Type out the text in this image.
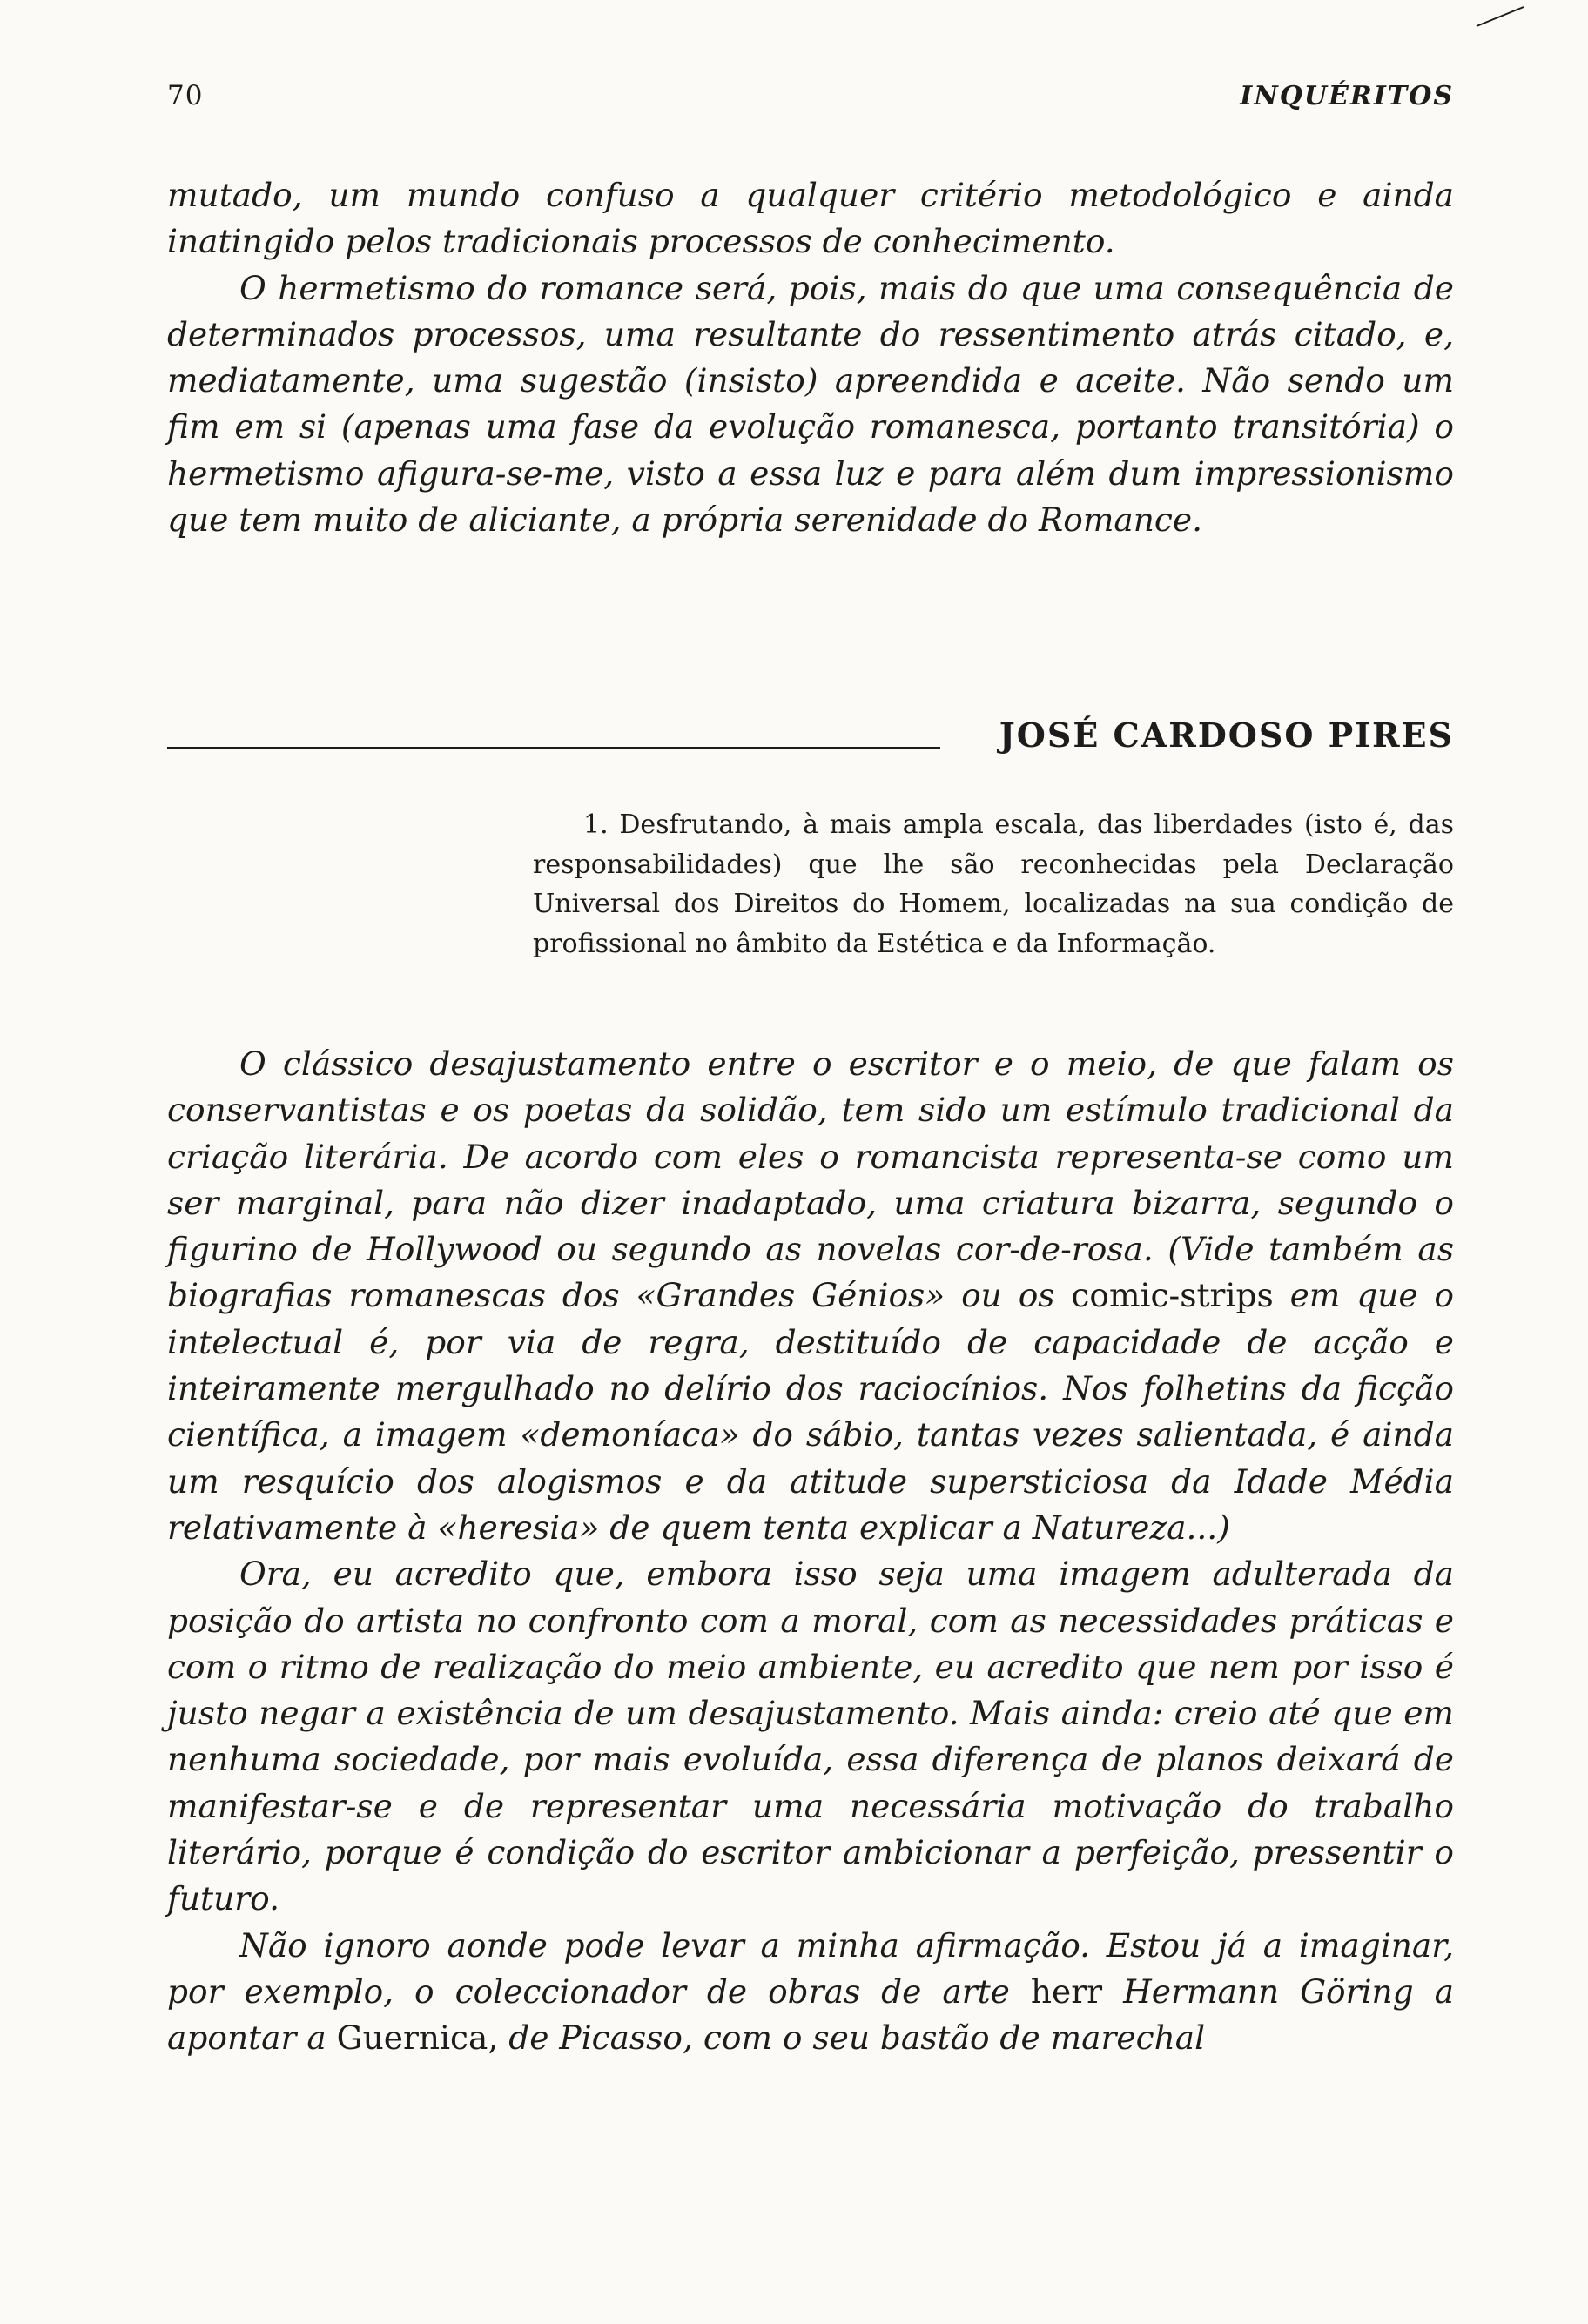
70	INQUÉRITOS

mutado, um mundo confuso a qualquer critério metodológico e ainda inatingido pelos tradicionais processos de conhecimento.

O hermetismo do romance será, pois, mais do que uma consequência de determinados processos, uma resultante do ressentimento atrás citado, e, mediatamente, uma sugestão (insisto) apreendida e aceite. Não sendo um fim em si (apenas uma fase da evolução romanesca, portanto transitória) o hermetismo afigura-se-me, visto a essa luz e para além dum impressionismo que tem muito de aliciante, a própria serenidade do Romance.

JOSÉ CARDOSO PIRES

1. Desfrutando, à mais ampla escala, das liberdades (isto é, das responsabilidades) que lhe são reconhecidas pela Declaração Universal dos Direitos do Homem, localizadas na sua condição de profissional no âmbito da Estética e da Informação.

O clássico desajustamento entre o escritor e o meio, de que falam os conservantistas e os poetas da solidão, tem sido um estímulo tradicional da criação literária. De acordo com eles o romancista representa-se como um ser marginal, para não dizer inadaptado, uma criatura bizarra, segundo o figurino de Hollywood ou segundo as novelas cor-de-rosa. (Vide também as biografias romanescas dos «Grandes Génios» ou os comic-strips em que o intelectual é, por via de regra, destituído de capacidade de acção e inteiramente mergulhado no delírio dos raciocínios. Nos folhetins da ficção científica, a imagem «demoníaca» do sábio, tantas vezes salientada, é ainda um resquício dos alogismos e da atitude supersticiosa da Idade Média relativamente à «heresia» de quem tenta explicar a Natureza...)

Ora, eu acredito que, embora isso seja uma imagem adulterada da posição do artista no confronto com a moral, com as necessidades práticas e com o ritmo de realização do meio ambiente, eu acredito que nem por isso é justo negar a existência de um desajustamento. Mais ainda: creio até que em nenhuma sociedade, por mais evoluída, essa diferença de planos deixará de manifestar-se e de representar uma necessária motivação do trabalho literário, porque é condição do escritor ambicionar a perfeição, pressentir o futuro.

Não ignoro aonde pode levar a minha afirmação. Estou já a imaginar, por exemplo, o coleccionador de obras de arte herr Hermann Göring a apontar a Guernica, de Picasso, com o seu bastão de marechal
